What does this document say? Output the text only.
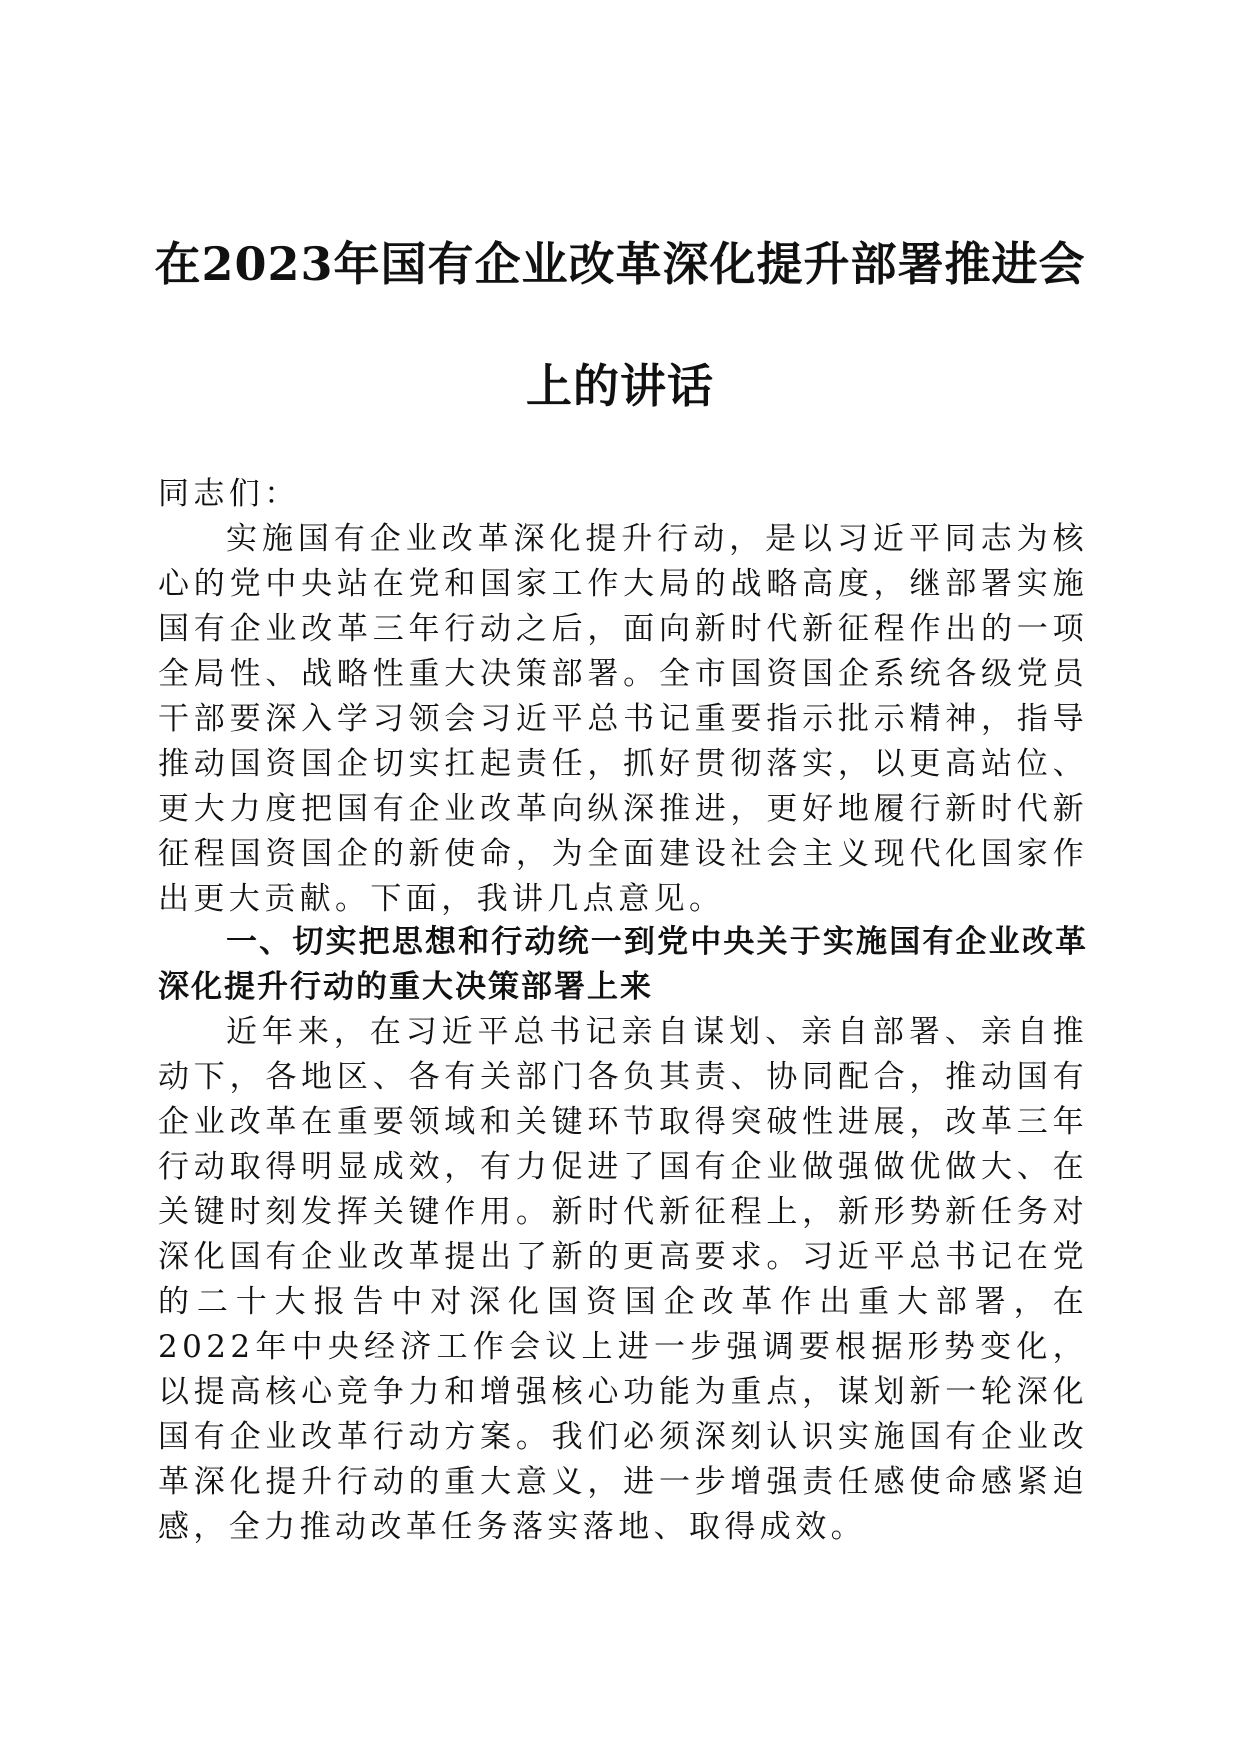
在2023年国有企业改革深化提升部署推进会
上的讲话

同志们：

实施国有企业改革深化提升行动，是以习近平同志为核心的党中央站在党和国家工作大局的战略高度，继部署实施国有企业改革三年行动之后，面向新时代新征程作出的一项全局性、战略性重大决策部署。全市国资国企系统各级党员干部要深入学习领会习近平总书记重要指示批示精神，指导推动国资国企切实扛起责任，抓好贯彻落实，以更高站位、更大力度把国有企业改革向纵深推进，更好地履行新时代新征程国资国企的新使命，为全面建设社会主义现代化国家作出更大贡献。下面，我讲几点意见。

一、切实把思想和行动统一到党中央关于实施国有企业改革深化提升行动的重大决策部署上来

近年来，在习近平总书记亲自谋划、亲自部署、亲自推动下，各地区、各有关部门各负其责、协同配合，推动国有企业改革在重要领域和关键环节取得突破性进展，改革三年行动取得明显成效，有力促进了国有企业做强做优做大、在关键时刻发挥关键作用。新时代新征程上，新形势新任务对深化国有企业改革提出了新的更高要求。习近平总书记在党的二十大报告中对深化国资国企改革作出重大部署，在2022年中央经济工作会议上进一步强调要根据形势变化，以提高核心竞争力和增强核心功能为重点，谋划新一轮深化国有企业改革行动方案。我们必须深刻认识实施国有企业改革深化提升行动的重大意义，进一步增强责任感使命感紧迫感，全力推动改革任务落实落地、取得成效。
